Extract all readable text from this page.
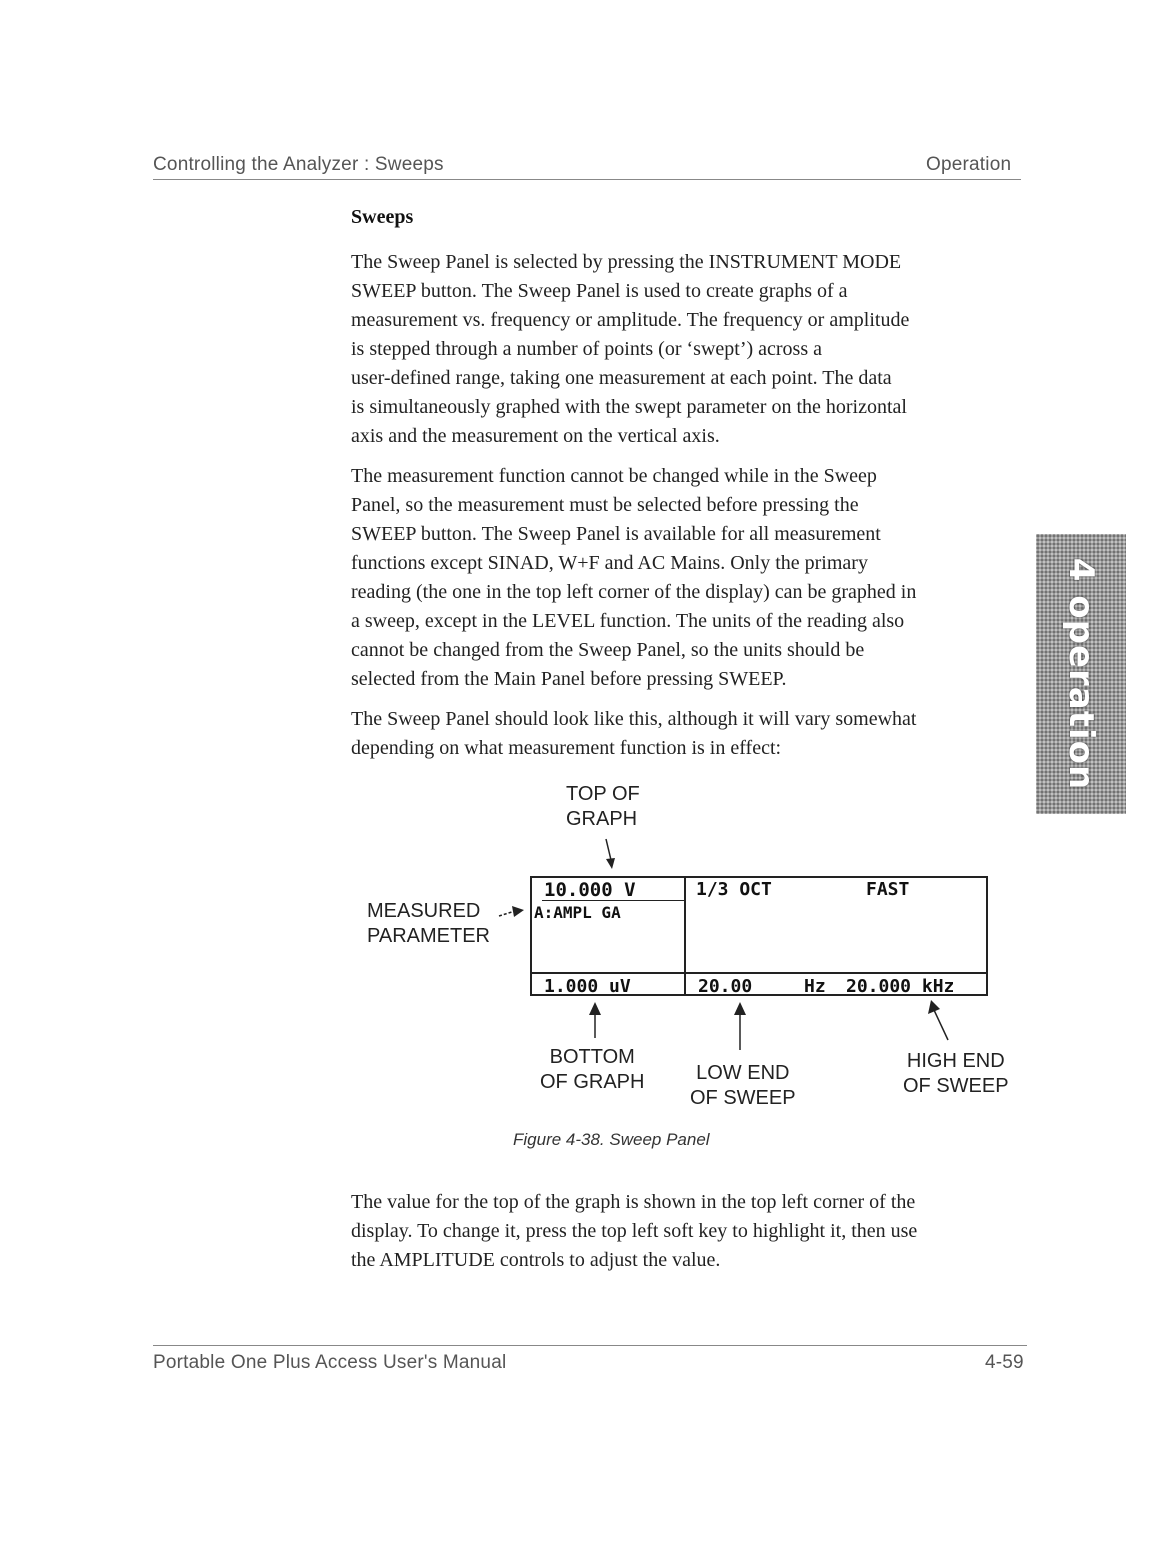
Controlling the Analyzer : Sweeps	Operation
Sweeps
The Sweep Panel is selected by pressing the INSTRUMENT MODE
SWEEP button. The Sweep Panel is used to create graphs of a
measurement vs. frequency or amplitude. The frequency or amplitude
is stepped through a number of points (or ‘swept’) across a
user-defined range, taking one measurement at each point. The data
is simultaneously graphed with the swept parameter on the horizontal
axis and the measurement on the vertical axis.
The measurement function cannot be changed while in the Sweep
Panel, so the measurement must be selected before pressing the
SWEEP button. The Sweep Panel is available for all measurement
functions except SINAD, W+F and AC Mains. Only the primary
reading (the one in the top left corner of the display) can be graphed in
a sweep, except in the LEVEL function. The units of the reading also
cannot be changed from the Sweep Panel, so the units should be
selected from the Main Panel before pressing SWEEP.
The Sweep Panel should look like this, although it will vary somewhat
depending on what measurement function is in effect:	4 operation
TOP OF
GRAPH
MEASURED
PARAMETER
BOTTOM
OF GRAPH	LOW END
OF SWEEP
HIGH END
OF SWEEP
10.000 V
A:AMPL GA
1/3 OCT	FAST
1.000 uV	20.00	Hz 20.000 kHz
Figure 4-38. Sweep Panel
The value for the top of the graph is shown in the top left corner of the
display. To change it, press the top left soft key to highlight it, then use
the AMPLITUDE controls to adjust the value.
Portable One Plus Access User's Manual	4-59
